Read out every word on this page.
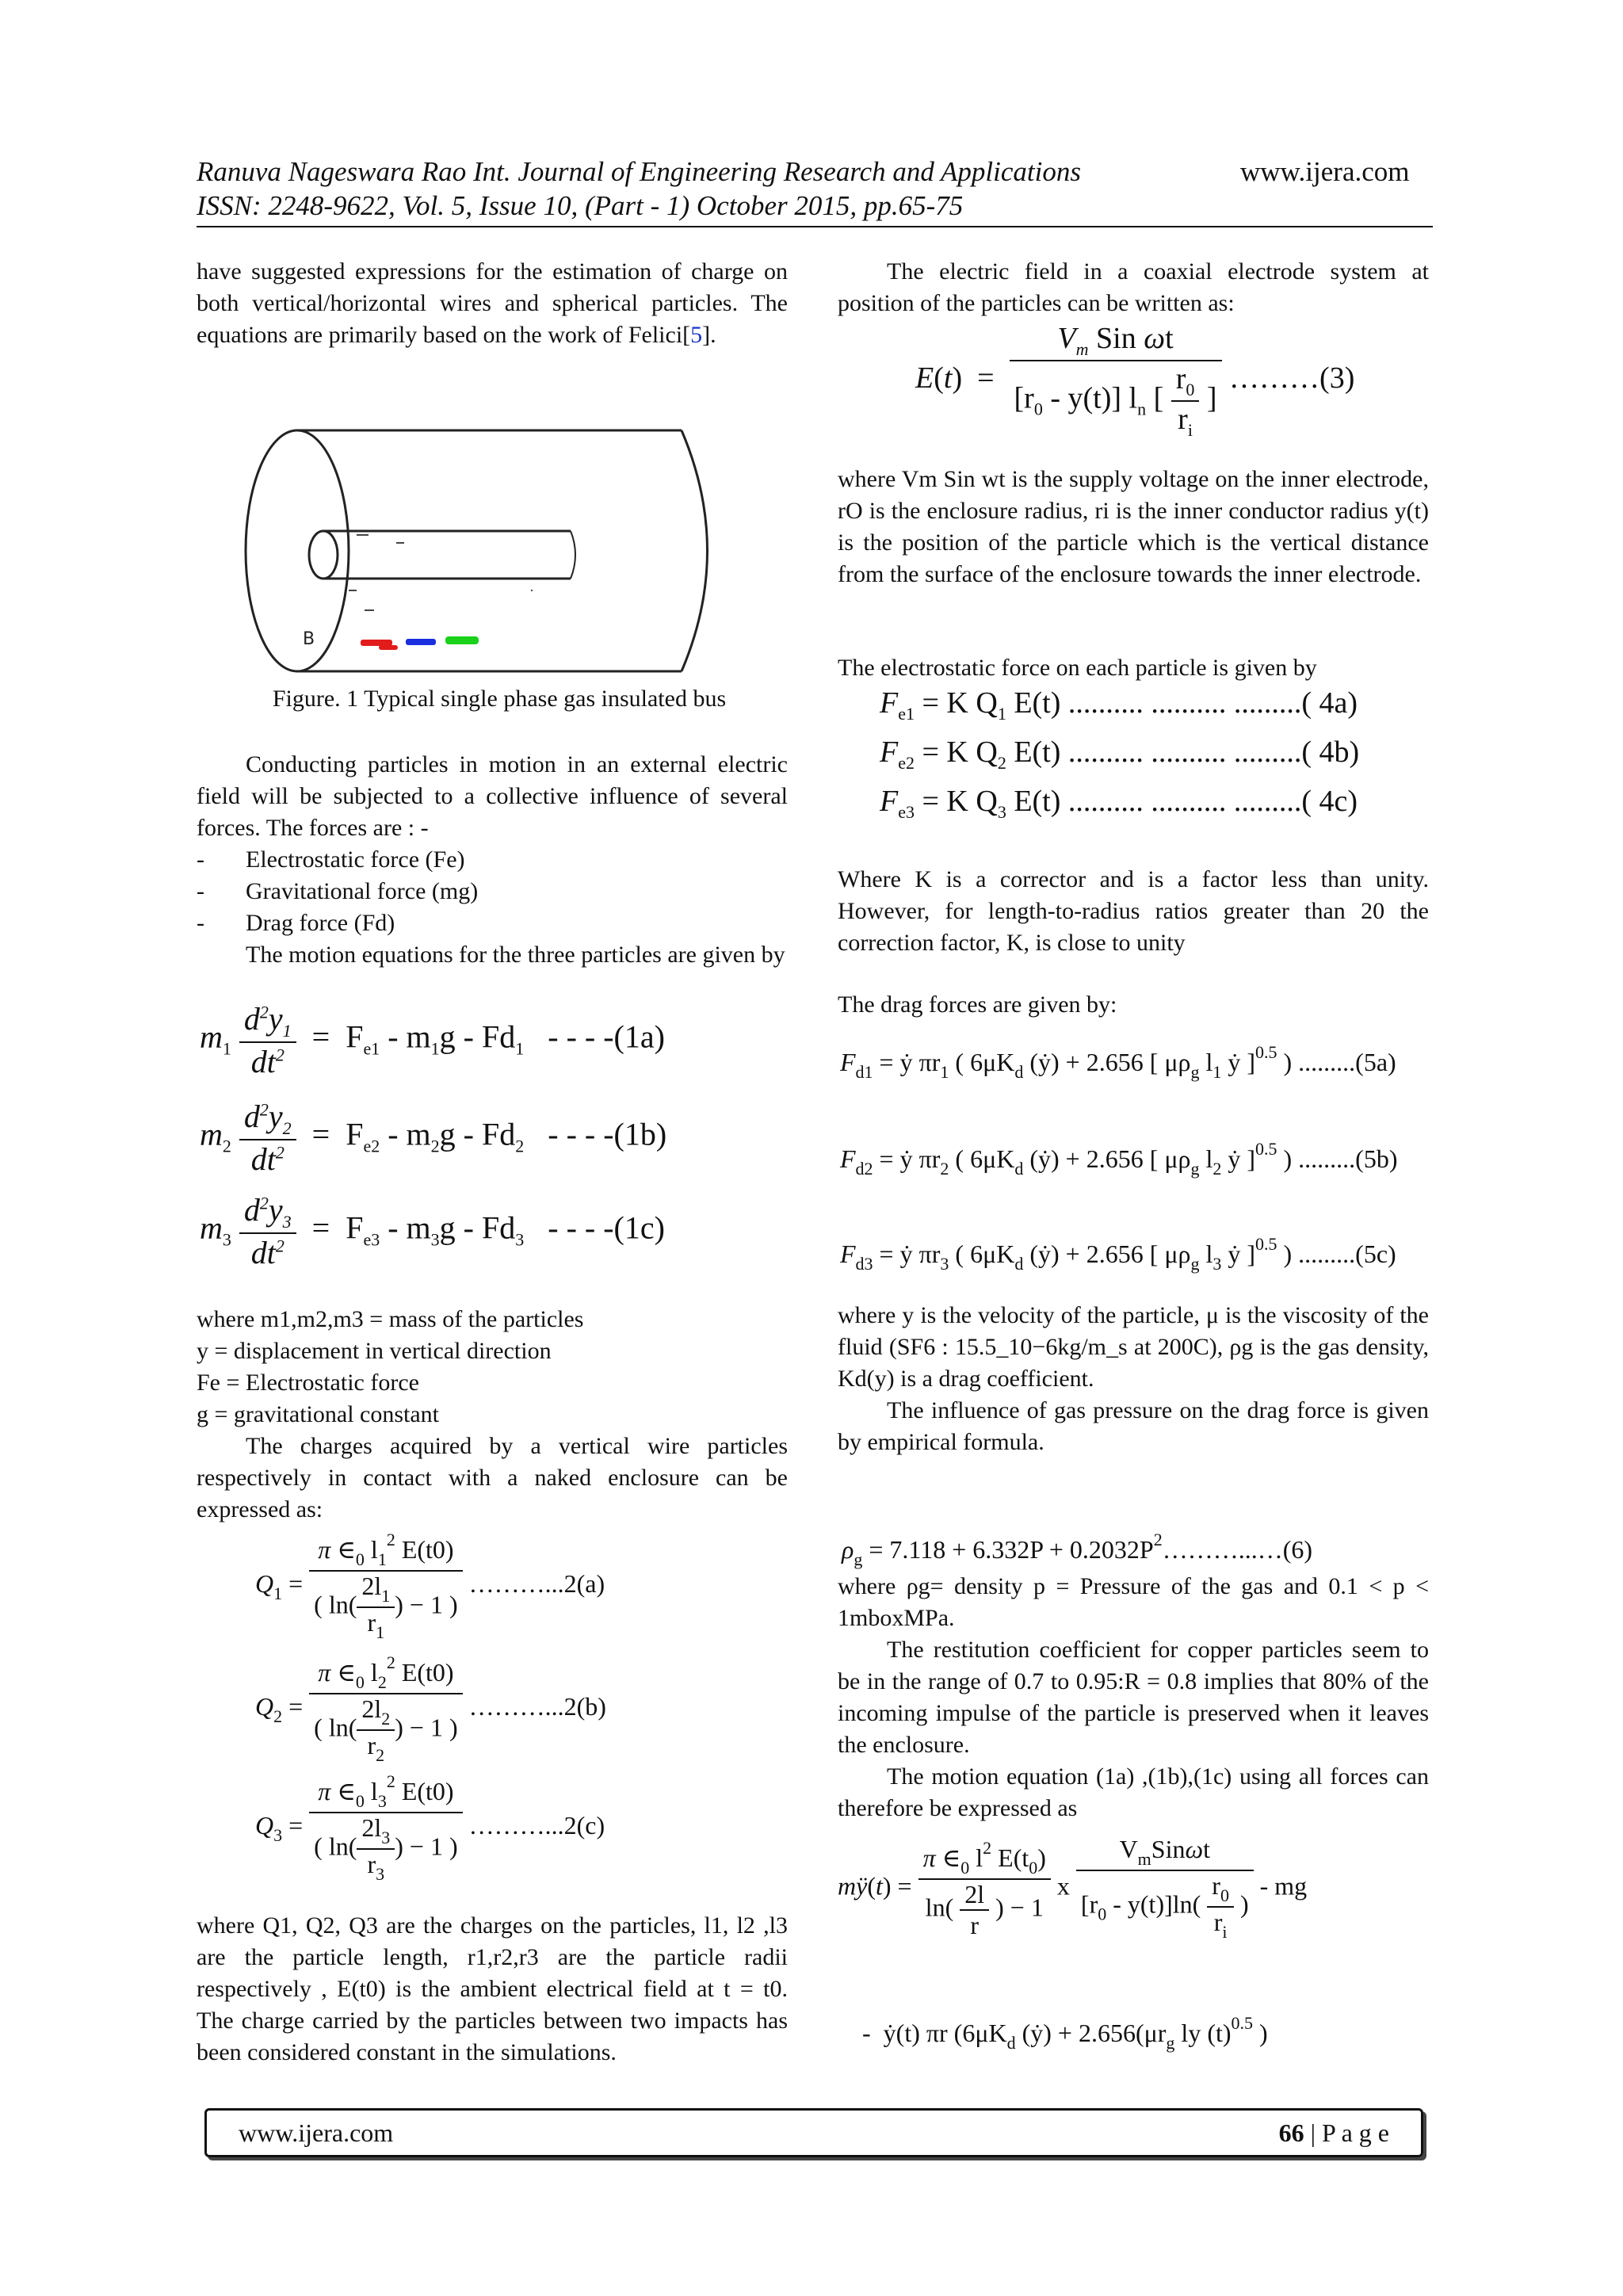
Ranuva Nageswara Rao Int. Journal of Engineering Research and Applications	www.ijera.com
ISSN: 2248-9622, Vol. 5, Issue 10, (Part - 1) October 2015, pp.65-75

have suggested expressions for the estimation of charge on both vertical/horizontal wires and spherical particles. The equations are primarily based on the work of Felici[5].

B
Figure. 1 Typical single phase gas insulated bus

Conducting particles in motion in an external electric field will be subjected to a collective influence of several forces. The forces are : -

-	Electrostatic force (Fe)
-	Gravitational force (mg)
-	Drag force (Fd)

The motion equations for the three particles are given by

$m_1 \frac{d^2y_1}{dt^2} = F_{e1} - m_1g - Fd_1$ - - - -(1a)
$m_2 \frac{d^2y_2}{dt^2} = F_{e2} - m_2g - Fd_2$ - - - -(1b)
$m_3 \frac{d^2y_3}{dt^2} = F_{e3} - m_3g - Fd_3$ - - - -(1c)

where m1,m2,m3 = mass of the particles

y = displacement in vertical direction

Fe = Electrostatic force

g = gravitational constant

The charges acquired by a vertical wire particles respectively in contact with a naked enclosure can be expressed as:

$Q_1 = \frac{\pi \in_0 l_1^2 E(t0)}{( \ln( \frac{2l_1}{r_1} ) - 1 )}$ ………...2(a)
$Q_2 = \frac{\pi \in_0 l_2^2 E(t0)}{( \ln( \frac{2l_2}{r_2} ) - 1 )}$ ………...2(b)
$Q_3 = \frac{\pi \in_0 l_3^2 E(t0)}{( \ln( \frac{2l_3}{r_3} ) - 1 )}$ ………...2(c)

where Q1, Q2, Q3 are the charges on the particles, l1, l2 ,l3 are the particle length, r1,r2,r3 are the particle radii respectively , E(t0) is the ambient electrical field at t = t0. The charge carried by the particles between two impacts has been considered constant in the simulations.

The electric field in a coaxial electrode system at position of the particles can be written as:

$E(t) = \frac{V_m Sin \omega t}{[r_0 - y(t)] l_n [ \frac{r_0}{r_i} ]}$ ………(3)

where Vm Sin wt is the supply voltage on the inner electrode, rO is the enclosure radius, ri is the inner conductor radius y(t) is the position of the particle which is the vertical distance from the surface of the enclosure towards the inner electrode.

The electrostatic force on each particle is given by

$F_{e1} = K$ $Q_1$ E(t) .......... .......... .........( 4a)
$F_{e2} = K$ $Q_2$ E(t) .......... .......... .........( 4b)
$F_{e3} = K$ $Q_3$ E(t) .......... .......... .........( 4c)

Where K is a corrector and is a factor less than unity. However, for length-to-radius ratios greater than 20 the correction factor, K, is close to unity

The drag forces are given by:

$F_{d1}$ = ẏ $\pi r_1$ ( $6\mu K_d$ (ẏ) + 2.656 [ $\mu\rho_g$ $l_1$ ẏ ]$^{0.5}$ ) .........(5a)
$F_{d2}$ = ẏ $\pi r_2$ ( $6\mu K_d$ (ẏ) + 2.656 [ $\mu\rho_g$ $l_2$ ẏ ]$^{0.5}$ ) .........(5b)
$F_{d3}$ = ẏ $\pi r_3$ ( $6\mu K_d$ (ẏ) + 2.656 [ $\mu\rho_g$ $l_3$ ẏ ]$^{0.5}$ ) .........(5c)

where y is the velocity of the particle, μ is the viscosity of the fluid (SF6 : 15.5_10−6kg/m_s at 200C), ρg is the gas density, Kd(y) is a drag coefficient.

The influence of gas pressure on the drag force is given by empirical formula.

$\rho_g = 7.118 + 6.332P$ + $0.2032P^2\dots\dots\dots...\dots(6)$

where ρg= density p = Pressure of the gas and 0.1 < p < 1mboxMPa.

The restitution coefficient for copper particles seem to be in the range of 0.7 to 0.95:R = 0.8 implies that 80% of the incoming impulse of the particle is preserved when it leaves the enclosure.

The motion equation (1a) ,(1b),(1c) using all forces can therefore be expressed as

mÿ(t) = $\frac{\pi \in_0 l^2 E(t_0)}{\ln( \frac{2l}{r} ) - 1}$ x $\frac{V_mSin\omega t}{[r_0 - y(t)]\ln( \frac{r_0}{r_i} )}$ - mg
-  ẏ(t) πr ($6\mu K_d$ (ẏ) + $2.656(\mu r_g$ ly $(t)^{0.5}$ )
www.ijera.com	66 | P a g e
